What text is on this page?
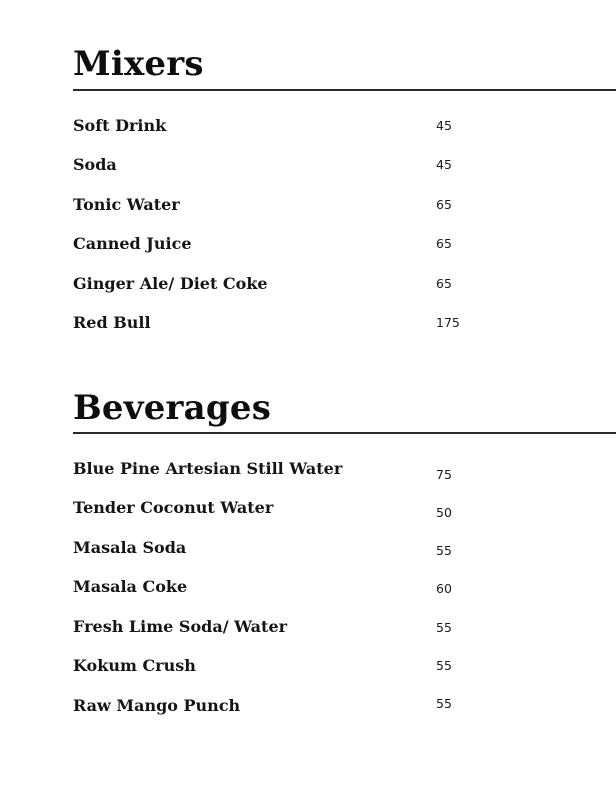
Mixers
Soft Drink	45
Soda	45
Tonic Water	65
Canned Juice	65
Ginger Ale/ Diet Coke	65
Red Bull	175
Beverages
Blue Pine Artesian Still Water	75
Tender Coconut Water	50
Masala Soda	55
Masala Coke	60
Fresh Lime Soda/ Water	55
Kokum Crush	55
Raw Mango Punch	55
